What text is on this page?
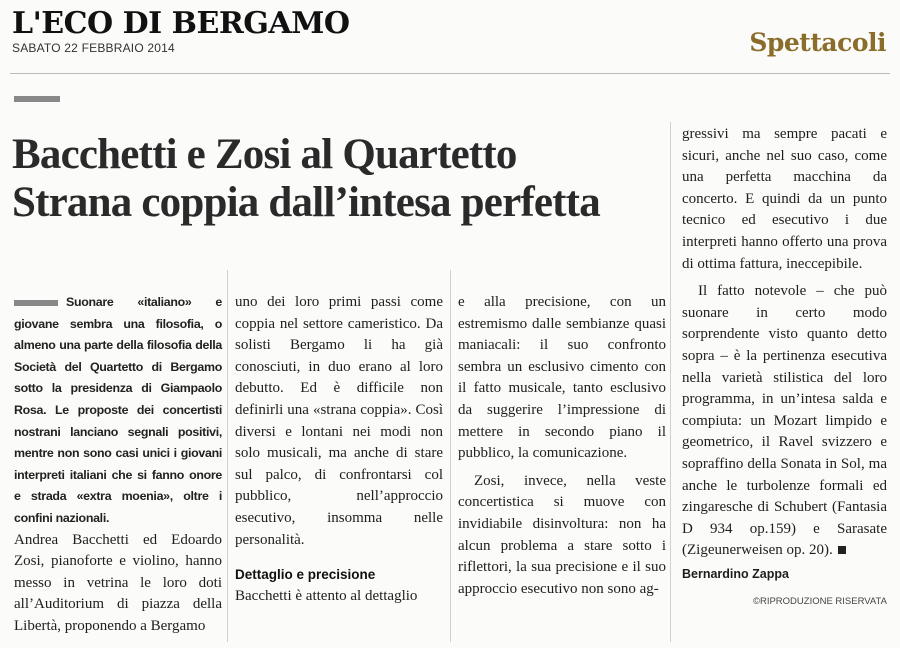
L'ECO DI BERGAMO
SABATO 22 FEBBRAIO 2014	Spettacoli
Bacchetti e Zosi al Quartetto
Strana coppia dall’intesa perfetta

Suonare «italiano» e giovane sembra una filosofia, o almeno una parte della filosofia della Società del Quartetto di Bergamo sotto la presidenza di Giampaolo Rosa. Le proposte dei concertisti nostrani lanciano segnali positivi, mentre non sono casi unici i giovani interpreti italiani che si fanno onore e strada «extra moenia», oltre i confini nazionali.

Andrea Bacchetti ed Edoardo Zosi, pianoforte e violino, hanno messo in vetrina le loro doti all’Auditorium di piazza della Libertà, proponendo a Bergamo

uno dei loro primi passi come coppia nel settore cameristico. Da solisti Bergamo li ha già conosciuti, in duo erano al loro debutto. Ed è difficile non definirli una «strana coppia». Così diversi e lontani nei modi non solo musicali, ma anche di stare sul palco, di confrontarsi col pubblico, nell’approccio esecutivo, insomma nelle personalità.

Dettaglio e precisione

Bacchetti è attento al dettaglio

e alla precisione, con un estremismo dalle sembianze quasi maniacali: il suo confronto sembra un esclusivo cimento con il fatto musicale, tanto esclusivo da suggerire l’impressione di mettere in secondo piano il pubblico, la comunicazione.

Zosi, invece, nella veste concertistica si muove con invidiabile disinvoltura: non ha alcun problema a stare sotto i riflettori, la sua precisione e il suo approccio esecutivo non sono ag-

gressivi ma sempre pacati e sicuri, anche nel suo caso, come una perfetta macchina da concerto. E quindi da un punto tecnico ed esecutivo i due interpreti hanno offerto una prova di ottima fattura, ineccepibile.

Il fatto notevole – che può suonare in certo modo sorprendente visto quanto detto sopra – è la pertinenza esecutiva nella varietà stilistica del loro programma, in un’intesa salda e compiuta: un Mozart limpido e geometrico, il Ravel svizzero e sopraffino della Sonata in Sol, ma anche le turbolenze formali ed zingaresche di Schubert (Fantasia D 934 op.159) e Sarasate (Zigeunerweisen op. 20).

Bernardino Zappa
©RIPRODUZIONE RISERVATA
